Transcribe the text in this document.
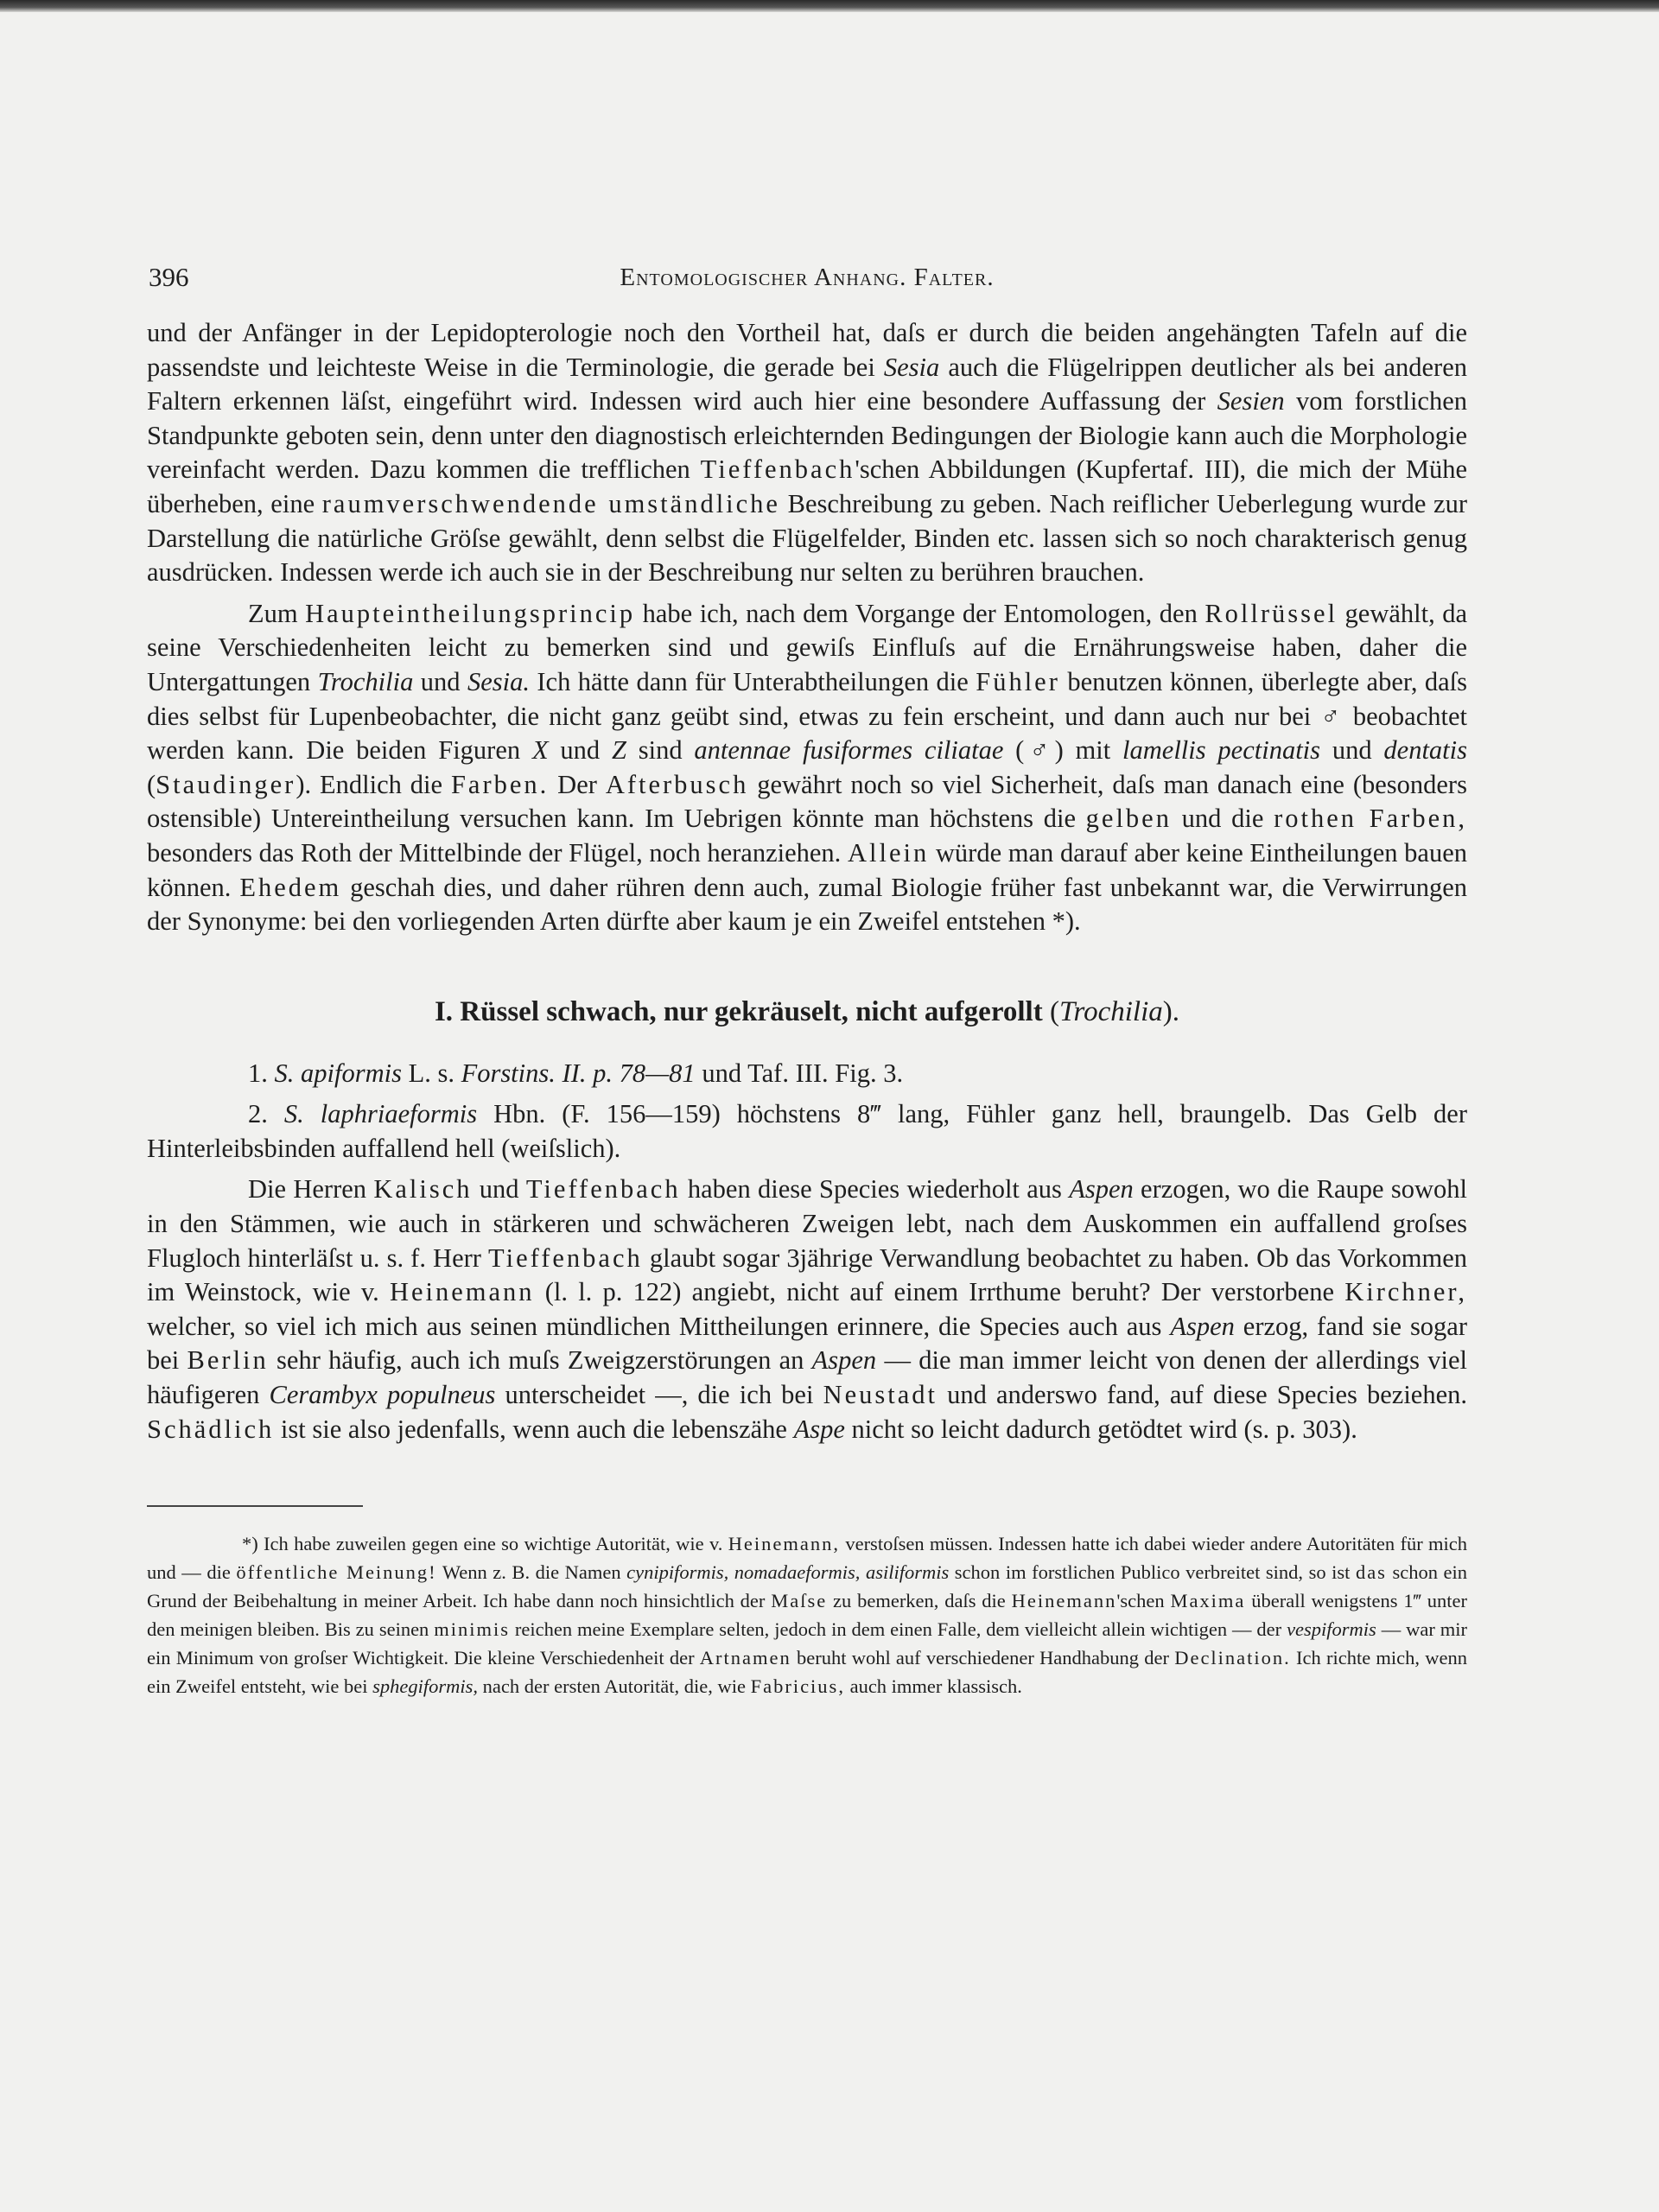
396	Entomologischer Anhang. Falter.

und der Anfänger in der Lepidopterologie noch den Vortheil hat, daſs er durch die beiden angehängten Tafeln auf die passendste und leichteste Weise in die Terminologie, die gerade bei Sesia auch die Flügelrippen deutlicher als bei anderen Faltern erkennen läſst, eingeführt wird. Indessen wird auch hier eine besondere Auffassung der Sesien vom forstlichen Standpunkte geboten sein, denn unter den diagnostisch erleichternden Bedingungen der Biologie kann auch die Morphologie vereinfacht werden. Dazu kommen die trefflichen Tieffenbach'schen Abbildungen (Kupfertaf. III), die mich der Mühe überheben, eine raumverschwendende umständliche Beschreibung zu geben. Nach reiflicher Ueberlegung wurde zur Darstellung die natürliche Gröſse gewählt, denn selbst die Flügelfelder, Binden etc. lassen sich so noch charakterisch genug ausdrücken. Indessen werde ich auch sie in der Beschreibung nur selten zu berühren brauchen.

Zum Haupteintheilungsprincip habe ich, nach dem Vorgange der Entomologen, den Rollrüssel gewählt, da seine Verschiedenheiten leicht zu bemerken sind und gewiſs Einfluſs auf die Ernährungsweise haben, daher die Untergattungen Trochilia und Sesia. Ich hätte dann für Unterabtheilungen die Fühler benutzen können, überlegte aber, daſs dies selbst für Lupenbeobachter, die nicht ganz geübt sind, etwas zu fein erscheint, und dann auch nur bei ♂ beobachtet werden kann. Die beiden Figuren X und Z sind antennae fusiformes ciliatae (♂) mit lamellis pectinatis und dentatis (Staudinger). Endlich die Farben. Der Afterbusch gewährt noch so viel Sicherheit, daſs man danach eine (besonders ostensible) Untereintheilung versuchen kann. Im Uebrigen könnte man höchstens die gelben und die rothen Farben, besonders das Roth der Mittelbinde der Flügel, noch heranziehen. Allein würde man darauf aber keine Eintheilungen bauen können. Ehedem geschah dies, und daher rühren denn auch, zumal Biologie früher fast unbekannt war, die Verwirrungen der Synonyme: bei den vorliegenden Arten dürfte aber kaum je ein Zweifel entstehen *).

I. Rüssel schwach, nur gekräuselt, nicht aufgerollt (Trochilia).

1. S. apiformis L. s. Forstins. II. p. 78—81 und Taf. III. Fig. 3.

2. S. laphriaeformis Hbn. (F. 156—159) höchstens 8‴ lang, Fühler ganz hell, braungelb. Das Gelb der Hinterleibsbinden auffallend hell (weiſslich).

Die Herren Kalisch und Tieffenbach haben diese Species wiederholt aus Aspen erzogen, wo die Raupe sowohl in den Stämmen, wie auch in stärkeren und schwächeren Zweigen lebt, nach dem Auskommen ein auffallend groſses Flugloch hinterläſst u. s. f. Herr Tieffenbach glaubt sogar 3jährige Verwandlung beobachtet zu haben. Ob das Vorkommen im Weinstock, wie v. Heinemann (l. l. p. 122) angiebt, nicht auf einem Irrthume beruht? Der verstorbene Kirchner, welcher, so viel ich mich aus seinen mündlichen Mittheilungen erinnere, die Species auch aus Aspen erzog, fand sie sogar bei Berlin sehr häufig, auch ich muſs Zweigzerstörungen an Aspen — die man immer leicht von denen der allerdings viel häufigeren Cerambyx populneus unterscheidet —, die ich bei Neustadt und anderswo fand, auf diese Species beziehen. Schädlich ist sie also jedenfalls, wenn auch die lebenszähe Aspe nicht so leicht dadurch getödtet wird (s. p. 303).

*) Ich habe zuweilen gegen eine so wichtige Autorität, wie v. Heinemann, verstoſsen müssen. Indessen hatte ich dabei wieder andere Autoritäten für mich und — die öffentliche Meinung! Wenn z. B. die Namen cynipiformis, nomadaeformis, asiliformis schon im forstlichen Publico verbreitet sind, so ist das schon ein Grund der Beibehaltung in meiner Arbeit. Ich habe dann noch hinsichtlich der Maſse zu bemerken, daſs die Heinemann'schen Maxima überall wenigstens 1‴ unter den meinigen bleiben. Bis zu seinen minimis reichen meine Exemplare selten, jedoch in dem einen Falle, dem vielleicht allein wichtigen — der vespiformis — war mir ein Minimum von groſser Wichtigkeit. Die kleine Verschiedenheit der Artnamen beruht wohl auf verschiedener Handhabung der Declination. Ich richte mich, wenn ein Zweifel entsteht, wie bei sphegiformis, nach der ersten Autorität, die, wie Fabricius, auch immer klassisch.
